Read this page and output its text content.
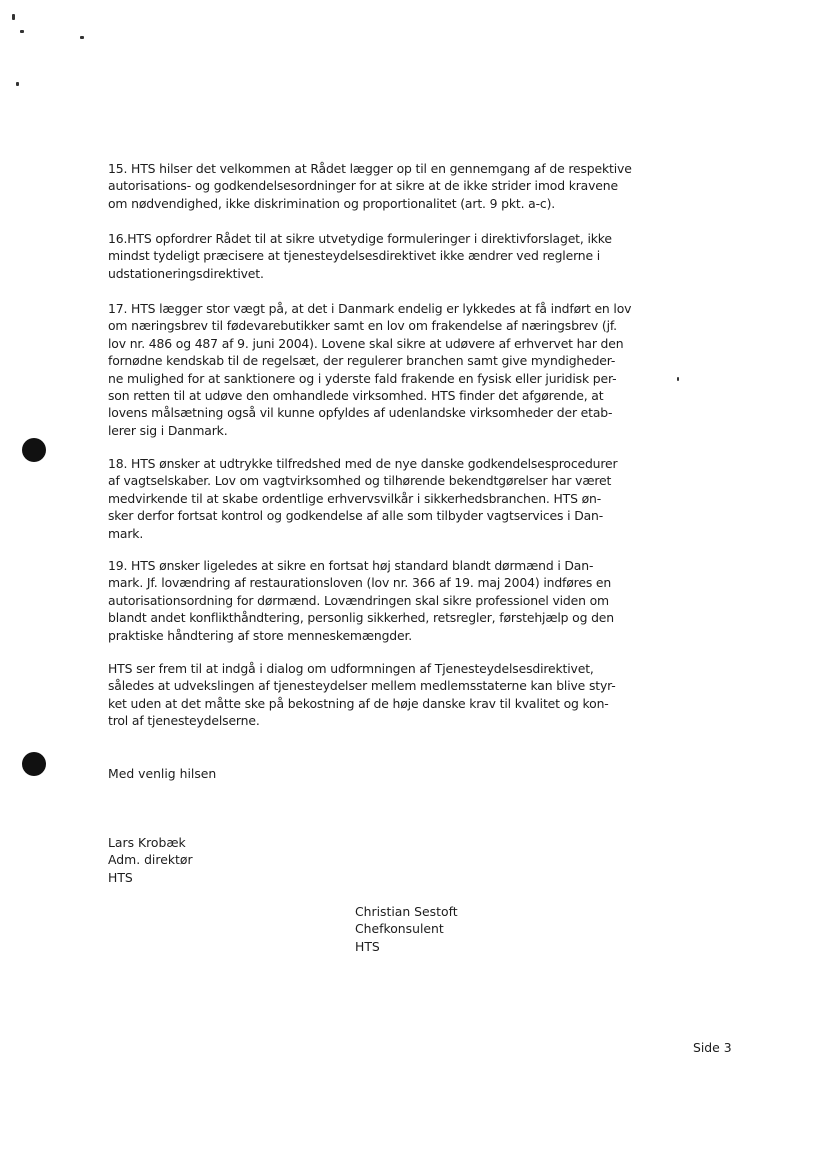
15. HTS hilser det velkommen at Rådet lægger op til en gennemgang af de respektive
autorisations- og godkendelsesordninger for at sikre at de ikke strider imod kravene
om nødvendighed, ikke diskrimination og proportionalitet (art. 9 pkt. a-c).
16.HTS opfordrer Rådet til at sikre utvetydige formuleringer i direktivforslaget, ikke
mindst tydeligt præcisere at tjenesteydelsesdirektivet ikke ændrer ved reglerne i
udstationeringsdirektivet.
17. HTS lægger stor vægt på, at det i Danmark endelig er lykkedes at få indført en lov
om næringsbrev til fødevarebutikker samt en lov om frakendelse af næringsbrev (jf.
lov nr. 486 og 487 af 9. juni 2004). Lovene skal sikre at udøvere af erhvervet har den
fornødne kendskab til de regelsæt, der regulerer branchen samt give myndigheder-
ne mulighed for at sanktionere og i yderste fald frakende en fysisk eller juridisk per-
son retten til at udøve den omhandlede virksomhed. HTS finder det afgørende, at
lovens målsætning også vil kunne opfyldes af udenlandske virksomheder der etab-
lerer sig i Danmark.
18. HTS ønsker at udtrykke tilfredshed med de nye danske godkendelsesprocedurer
af vagtselskaber. Lov om vagtvirksomhed og tilhørende bekendtgørelser har været
medvirkende til at skabe ordentlige erhvervsvilkår i sikkerhedsbranchen. HTS øn-
sker derfor fortsat kontrol og godkendelse af alle som tilbyder vagtservices i Dan-
mark.
19. HTS ønsker ligeledes at sikre en fortsat høj standard blandt dørmænd i Dan-
mark. Jf. lovændring af restaurationsloven (lov nr. 366 af 19. maj 2004) indføres en
autorisationsordning for dørmænd. Lovændringen skal sikre professionel viden om
blandt andet konflikthåndtering, personlig sikkerhed, retsregler, førstehjælp og den
praktiske håndtering af store menneskemængder.
HTS ser frem til at indgå i dialog om udformningen af Tjenesteydelsesdirektivet,
således at udvekslingen af tjenesteydelser mellem medlemsstaterne kan blive styr-
ket uden at det måtte ske på bekostning af de høje danske krav til kvalitet og kon-
trol af tjenesteydelserne.
Med venlig hilsen
Lars Krobæk
Adm. direktør
HTS
Christian Sestoft
Chefkonsulent
HTS
Side 3
